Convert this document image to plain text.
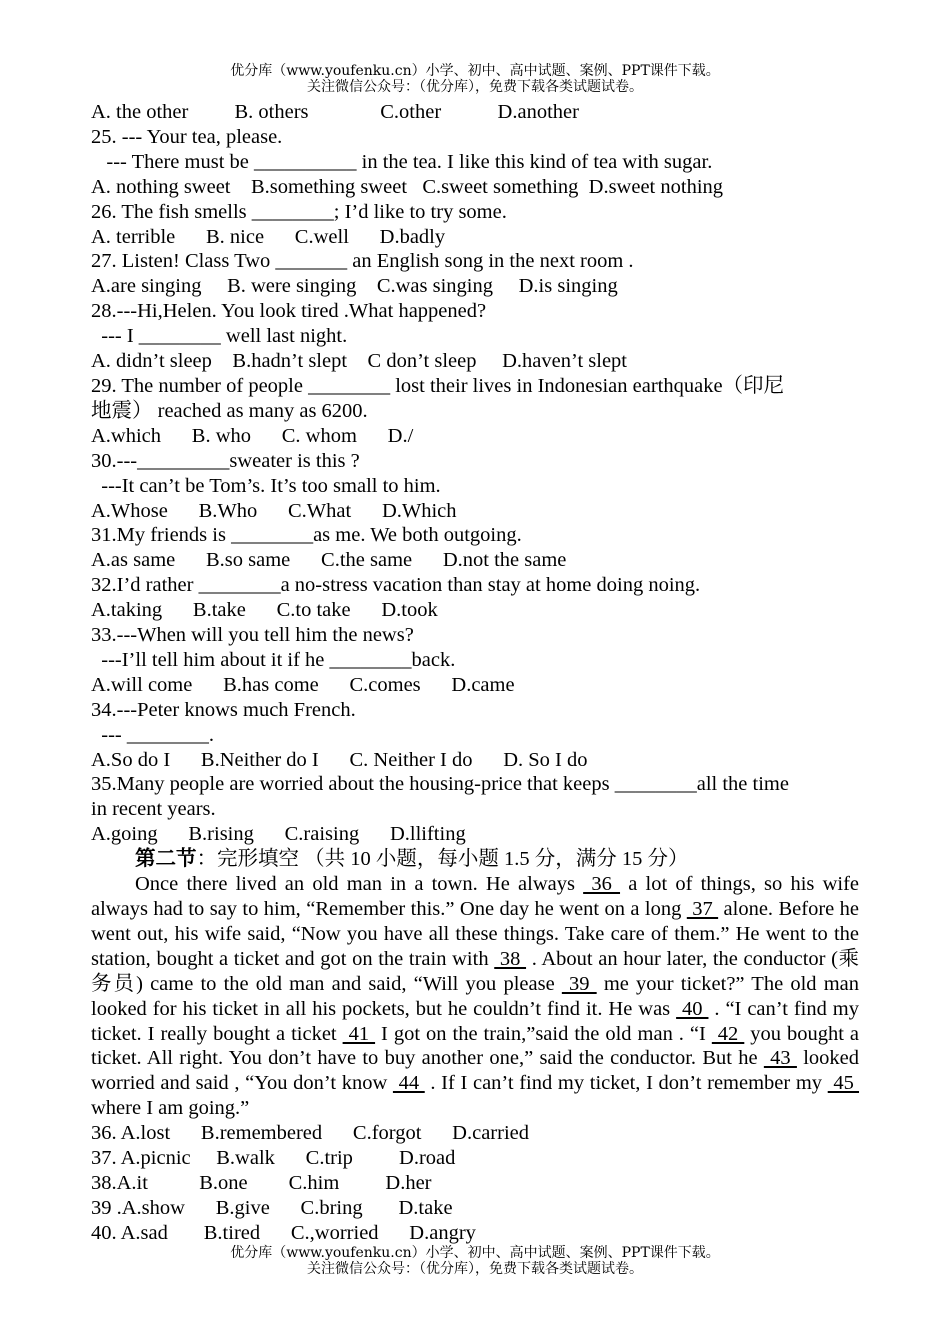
优分库（www.youfenku.cn）小学、初中、高中试题、案例、PPT课件下载。
关注微信公众号：（优分库），免费下载各类试题试卷。
A. the other         B. others              C.other           D.another
25. --- Your tea, please.
--- There must be __________ in the tea. I like this kind of tea with sugar.
A. nothing sweet    B.something sweet   C.sweet something  D.sweet nothing
26. The fish smells ________; I’d like to try some.
A. terrible      B. nice      C.well      D.badly
27. Listen! Class Two _______ an English song in the next room .
A.are singing     B. were singing    C.was singing     D.is singing
28.---Hi,Helen. You look tired .What happened?
--- I ________ well last night.
A. didn’t sleep    B.hadn’t slept    C don’t sleep     D.haven’t slept
29. The number of people ________ lost their lives in Indonesian earthquake（印尼
地震） reached as many as 6200.
A.which      B. who      C. whom      D./
30.---_________sweater is this ?
---It can’t be Tom’s. It’s too small to him.
A.Whose      B.Who      C.What      D.Which
31.My friends is ________as me. We both outgoing.
A.as same      B.so same      C.the same      D.not the same
32.I’d rather ________a no-stress vacation than stay at home doing noing.
A.taking      B.take      C.to take      D.took
33.---When will you tell him the news?
---I’ll tell him about it if he ________back.
A.will come      B.has come      C.comes      D.came
34.---Peter knows much French.
--- ________.
A.So do I      B.Neither do I      C. Neither I do      D. So I do
35.Many people are worried about the housing-price that keeps ________all the time
in recent years.
A.going      B.rising      C.raising      D.llifting
第二节：完形填空 （共 10 小题，每小题 1.5 分，满分 15 分）
Once there lived an old man in a town. He always  36  a lot of things, so his wife always had to say to him, “Remember this.” One day he went on a long  37  alone. Before he went out, his wife said, “Now you have all these things. Take care of them.” He went to the station, bought a ticket and got on the train with  38  . About an hour later, the conductor (乘务员) came to the old man and said, “Will you please  39  me your ticket?” The old man looked for his ticket in all his pockets, but he couldn’t find it. He was  40  . “I can’t find my ticket. I really bought a ticket  41  I got on the train,”said the old man . “I  42  you bought a ticket. All right. You don’t have to buy another one,” said the conductor. But he  43  looked worried and said , “You don’t know  44  . If I can’t find my ticket, I don’t remember my  45  where I am going.”
36. A.lost      B.remembered      C.forgot      D.carried
37. A.picnic     B.walk      C.trip         D.road
38.A.it          B.one        C.him         D.her
39 .A.show      B.give      C.bring       D.take
40. A.sad       B.tired      C.,worried      D.angry
优分库（www.youfenku.cn）小学、初中、高中试题、案例、PPT课件下载。
关注微信公众号：（优分库），免费下载各类试题试卷。
